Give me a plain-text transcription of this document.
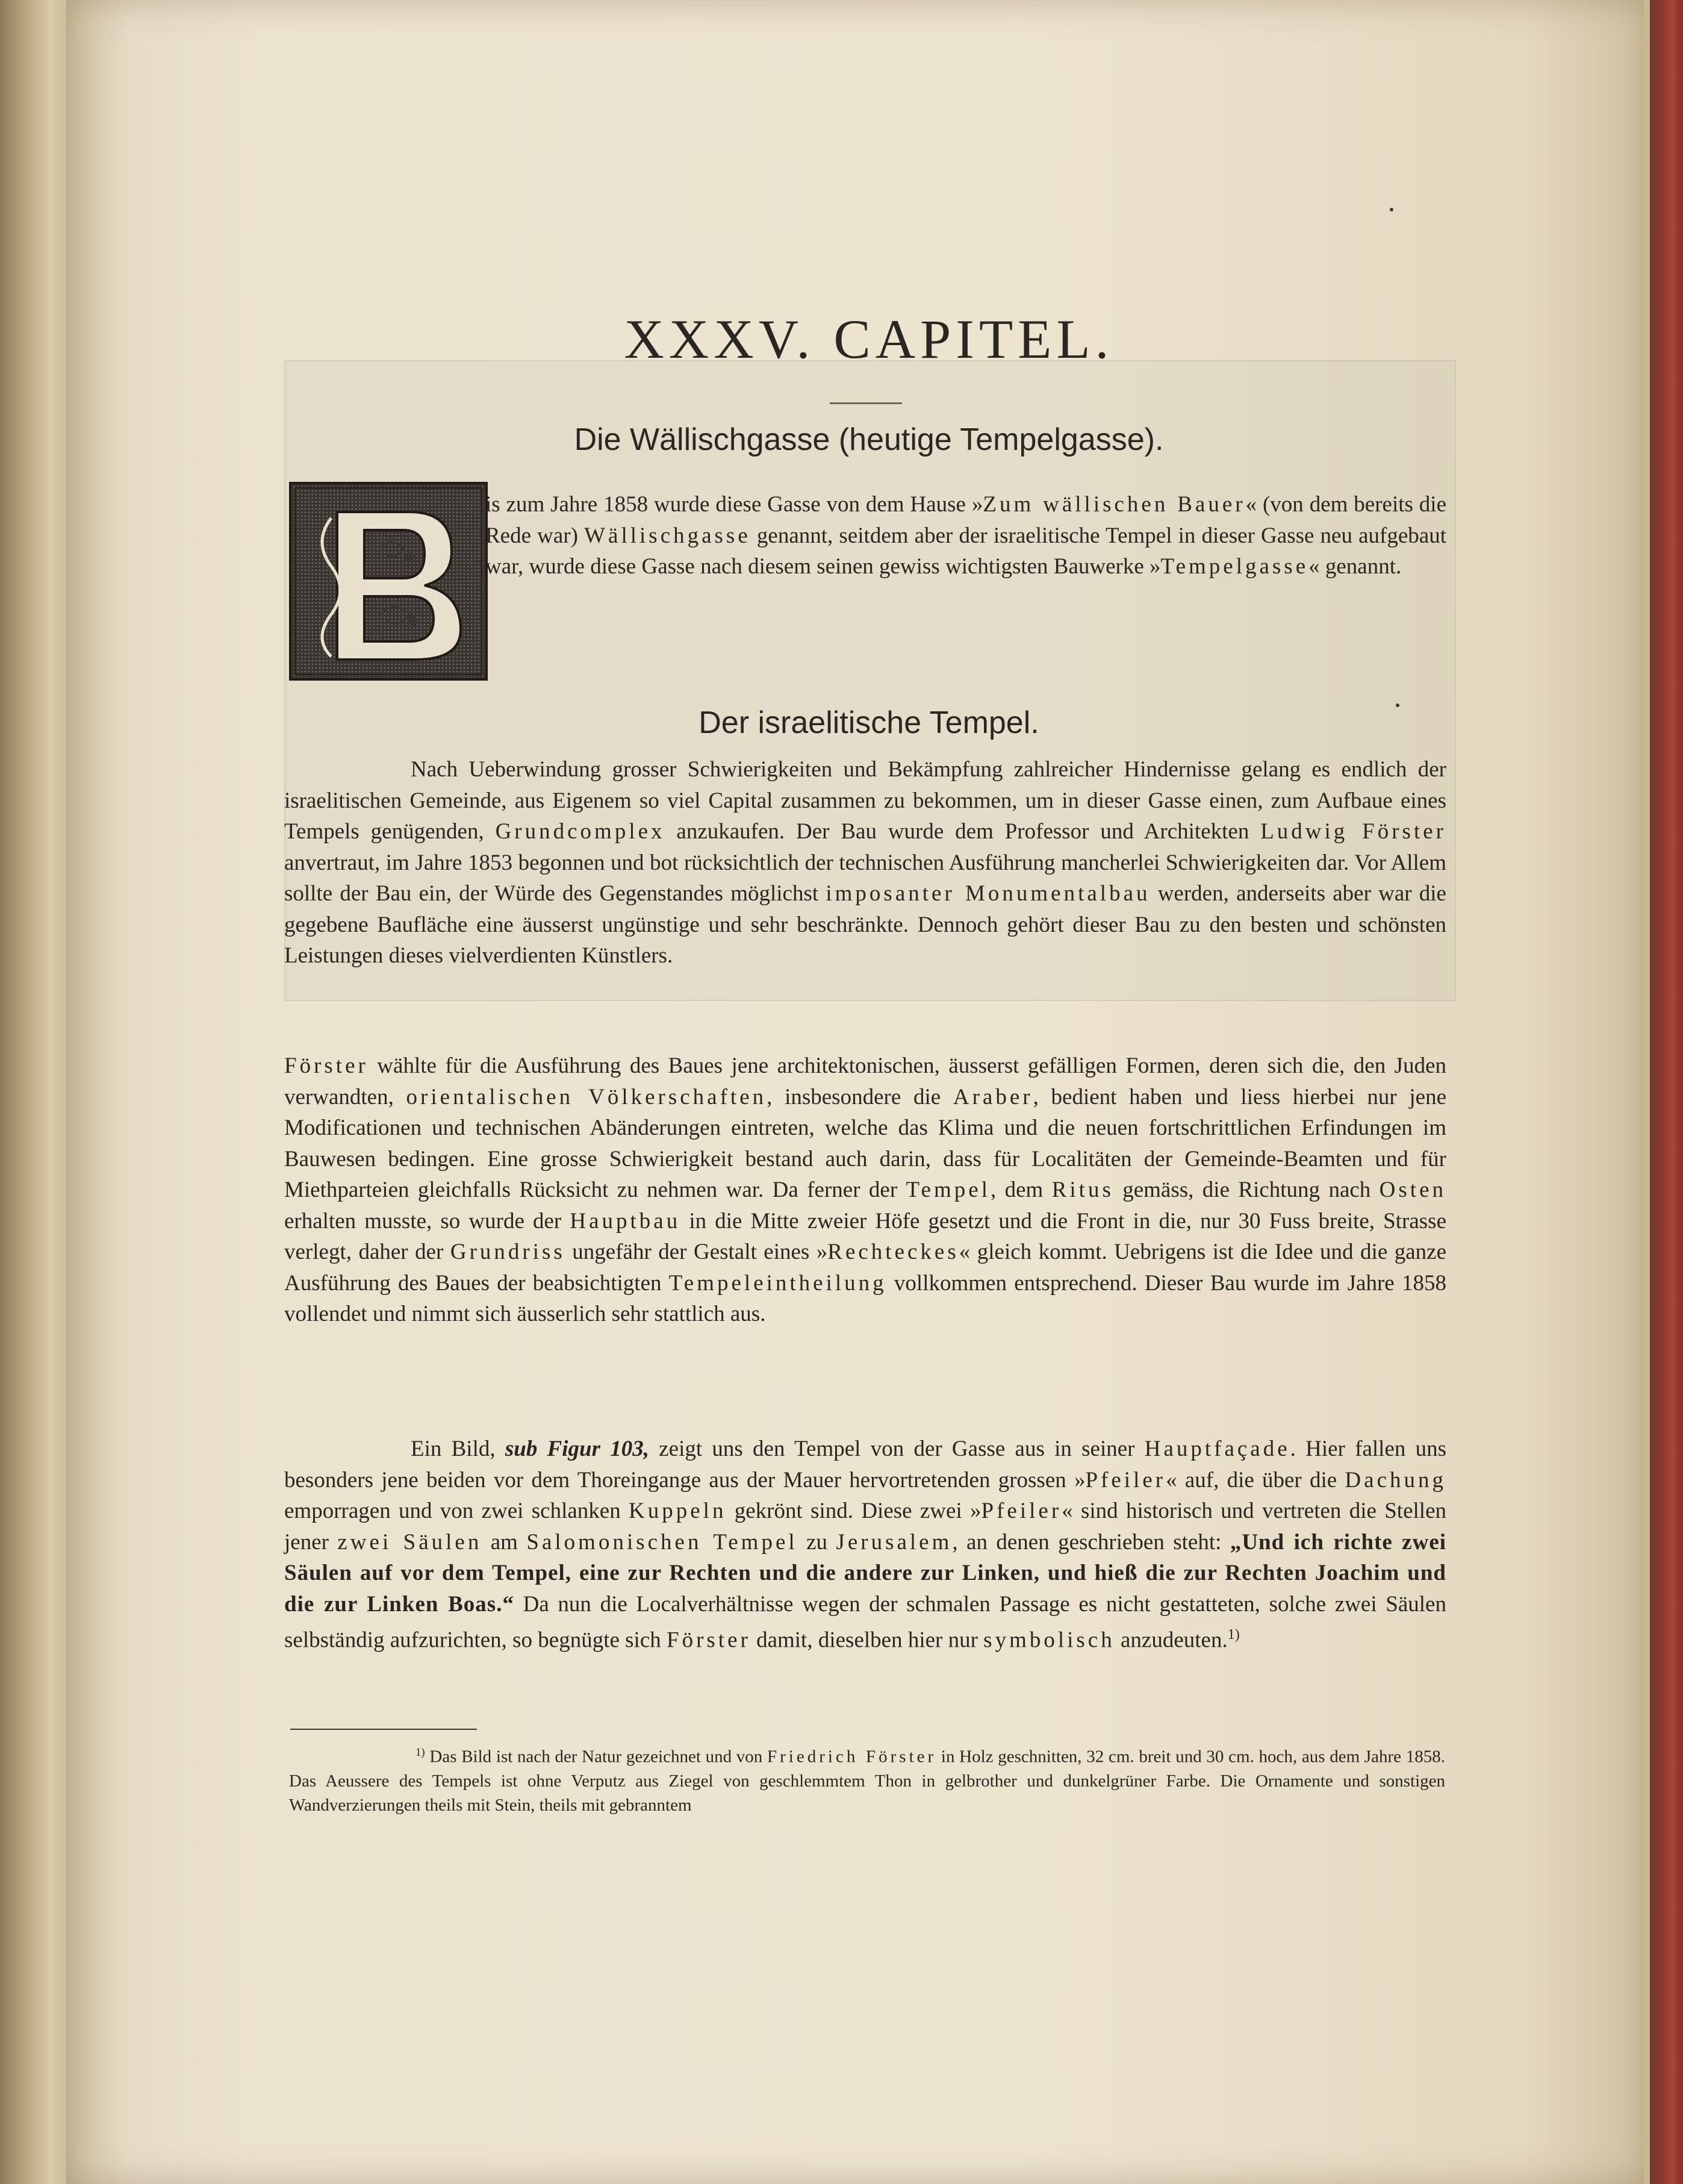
XXXV. CAPITEL.
Die Wällischgasse (heutige Tempelgasse).
is zum Jahre 1858 wurde diese Gasse von dem Hause »Zum wällischen Bauer« (von dem bereits die Rede war) Wällischgasse genannt, seitdem aber der israelitische Tempel in dieser Gasse neu aufgebaut war, wurde diese Gasse nach diesem seinen gewiss wichtigsten Bauwerke »Tempelgasse« genannt.
Der israelitische Tempel.
Nach Ueberwindung grosser Schwierigkeiten und Bekämpfung zahlreicher Hindernisse gelang es endlich der israelitischen Gemeinde, aus Eigenem so viel Capital zusammen zu bekommen, um in dieser Gasse einen, zum Aufbaue eines Tempels genügenden, Grundcomplex anzukaufen. Der Bau wurde dem Professor und Architekten Ludwig Förster anvertraut, im Jahre 1853 begonnen und bot rücksichtlich der technischen Ausführung mancherlei Schwierigkeiten dar. Vor Allem sollte der Bau ein, der Würde des Gegenstandes möglichst imposanter Monumentalbau werden, anderseits aber war die gegebene Baufläche eine äusserst ungünstige und sehr beschränkte. Dennoch gehört dieser Bau zu den besten und schönsten Leistungen dieses vielverdienten Künstlers.
Förster wählte für die Ausführung des Baues jene architektonischen, äusserst gefälligen Formen, deren sich die, den Juden verwandten, orientalischen Völkerschaften, insbesondere die Araber, bedient haben und liess hierbei nur jene Modificationen und technischen Abänderungen eintreten, welche das Klima und die neuen fortschrittlichen Erfindungen im Bauwesen bedingen. Eine grosse Schwierigkeit bestand auch darin, dass für Localitäten der Gemeinde-Beamten und für Miethparteien gleichfalls Rücksicht zu nehmen war. Da ferner der Tempel, dem Ritus gemäss, die Richtung nach Osten erhalten musste, so wurde der Hauptbau in die Mitte zweier Höfe gesetzt und die Front in die, nur 30 Fuss breite, Strasse verlegt, daher der Grundriss ungefähr der Gestalt eines »Rechteckes« gleich kommt. Uebrigens ist die Idee und die ganze Ausführung des Baues der beabsichtigten Tempeleintheilung vollkommen entsprechend. Dieser Bau wurde im Jahre 1858 vollendet und nimmt sich äusserlich sehr stattlich aus.
Ein Bild, sub Figur 103, zeigt uns den Tempel von der Gasse aus in seiner Hauptfaçade. Hier fallen uns besonders jene beiden vor dem Thoreingange aus der Mauer hervortretenden grossen »Pfeiler« auf, die über die Dachung emporragen und von zwei schlanken Kuppeln gekrönt sind. Diese zwei »Pfeiler« sind historisch und vertreten die Stellen jener zwei Säulen am Salomonischen Tempel zu Jerusalem, an denen geschrieben steht: „Und ich richte zwei Säulen auf vor dem Tempel, eine zur Rechten und die andere zur Linken, und hieß die zur Rechten Joachim und die zur Linken Boas.“ Da nun die Localverhältnisse wegen der schmalen Passage es nicht gestatteten, solche zwei Säulen selbständig aufzurichten, so begnügte sich Förster damit, dieselben hier nur symbolisch anzudeuten.$^{1)}$
$^{1)}$ Das Bild ist nach der Natur gezeichnet und von Friedrich Förster in Holz geschnitten, 32 cm. breit und 30 cm. hoch, aus dem Jahre 1858. Das Aeussere des Tempels ist ohne Verputz aus Ziegel von geschlemmtem Thon in gelbrother und dunkelgrüner Farbe. Die Ornamente und sonstigen Wandverzierungen theils mit Stein, theils mit gebranntem
